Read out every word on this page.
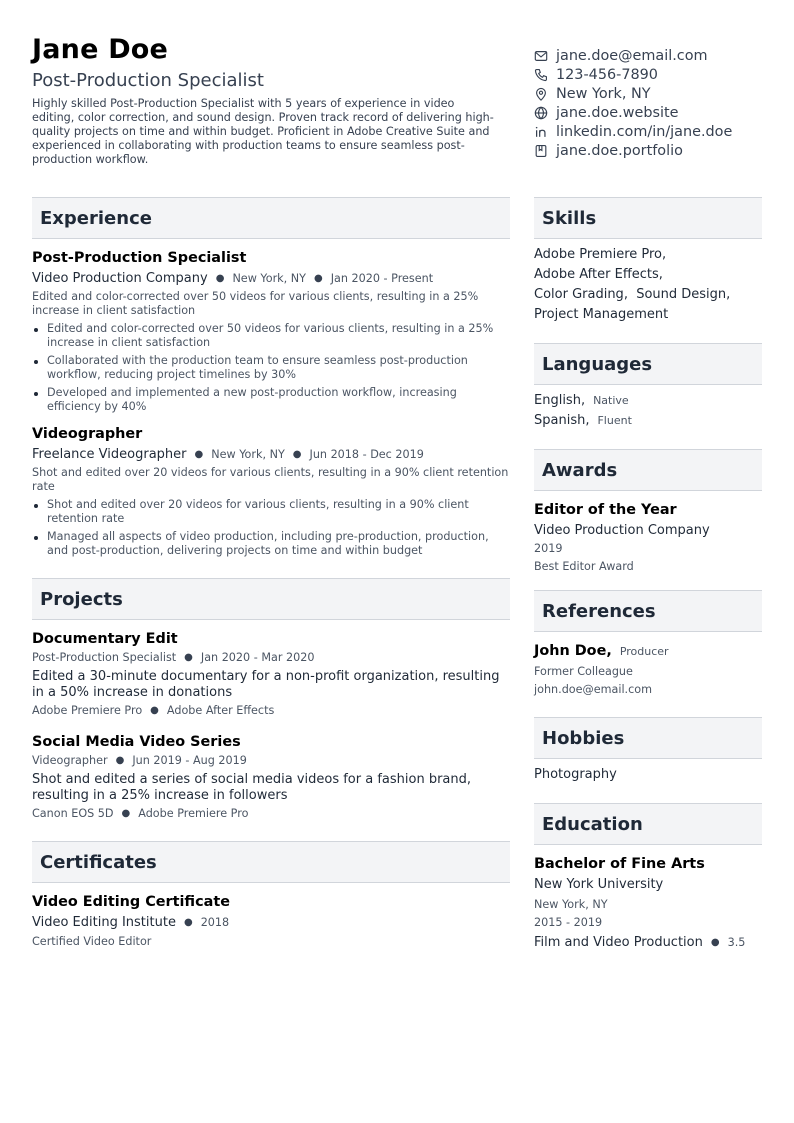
Jane Doe
Post-Production Specialist
Highly skilled Post-Production Specialist with 5 years of experience in video editing, color correction, and sound design. Proven track record of delivering high-quality projects on time and within budget. Proficient in Adobe Creative Suite and experienced in collaborating with production teams to ensure seamless post-production workflow.
jane.doe@email.com
123-456-7890
New York, NY
jane.doe.website
linkedin.com/in/jane.doe
jane.doe.portfolio
Experience
Post-Production Specialist
Video Production Company ● New York, NY ● Jan 2020 - Present
Edited and color-corrected over 50 videos for various clients, resulting in a 25% increase in client satisfaction
Edited and color-corrected over 50 videos for various clients, resulting in a 25% increase in client satisfaction
Collaborated with the production team to ensure seamless post-production workflow, reducing project timelines by 30%
Developed and implemented a new post-production workflow, increasing efficiency by 40%
Videographer
Freelance Videographer ● New York, NY ● Jun 2018 - Dec 2019
Shot and edited over 20 videos for various clients, resulting in a 90% client retention rate
Shot and edited over 20 videos for various clients, resulting in a 90% client retention rate
Managed all aspects of video production, including pre-production, production, and post-production, delivering projects on time and within budget
Projects
Documentary Edit
Post-Production Specialist ● Jan 2020 - Mar 2020
Edited a 30-minute documentary for a non-profit organization, resulting in a 50% increase in donations
Adobe Premiere Pro ● Adobe After Effects
Social Media Video Series
Videographer ● Jun 2019 - Aug 2019
Shot and edited a series of social media videos for a fashion brand, resulting in a 25% increase in followers
Canon EOS 5D ● Adobe Premiere Pro
Certificates
Video Editing Certificate
Video Editing Institute ● 2018
Certified Video Editor
Skills
Adobe Premiere Pro,
Adobe After Effects,
Color Grading,  Sound Design,
Project Management
Languages
English, Native
Spanish, Fluent
Awards
Editor of the Year
Video Production Company
2019
Best Editor Award
References
John Doe, Producer
Former Colleague
john.doe@email.com
Hobbies
Photography
Education
Bachelor of Fine Arts
New York University
New York, NY
2015 - 2019
Film and Video Production ● 3.5
